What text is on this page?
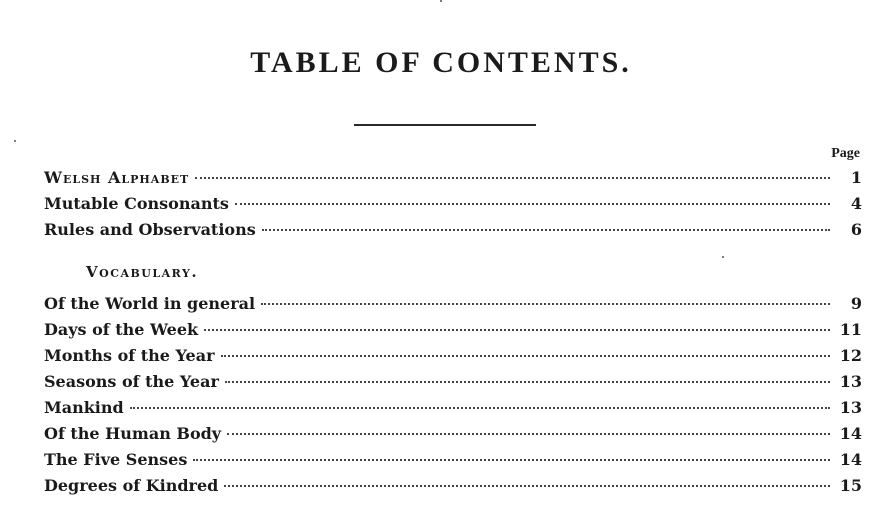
TABLE OF CONTENTS.
Page
Welsh Alphabet	1
Mutable Consonants	4
Rules and Observations	6
Vocabulary.
Of the World in general	9
Days of the Week	11
Months of the Year	12
Seasons of the Year	13
Mankind	13
Of the Human Body	14
The Five Senses	14
Degrees of Kindred	15
